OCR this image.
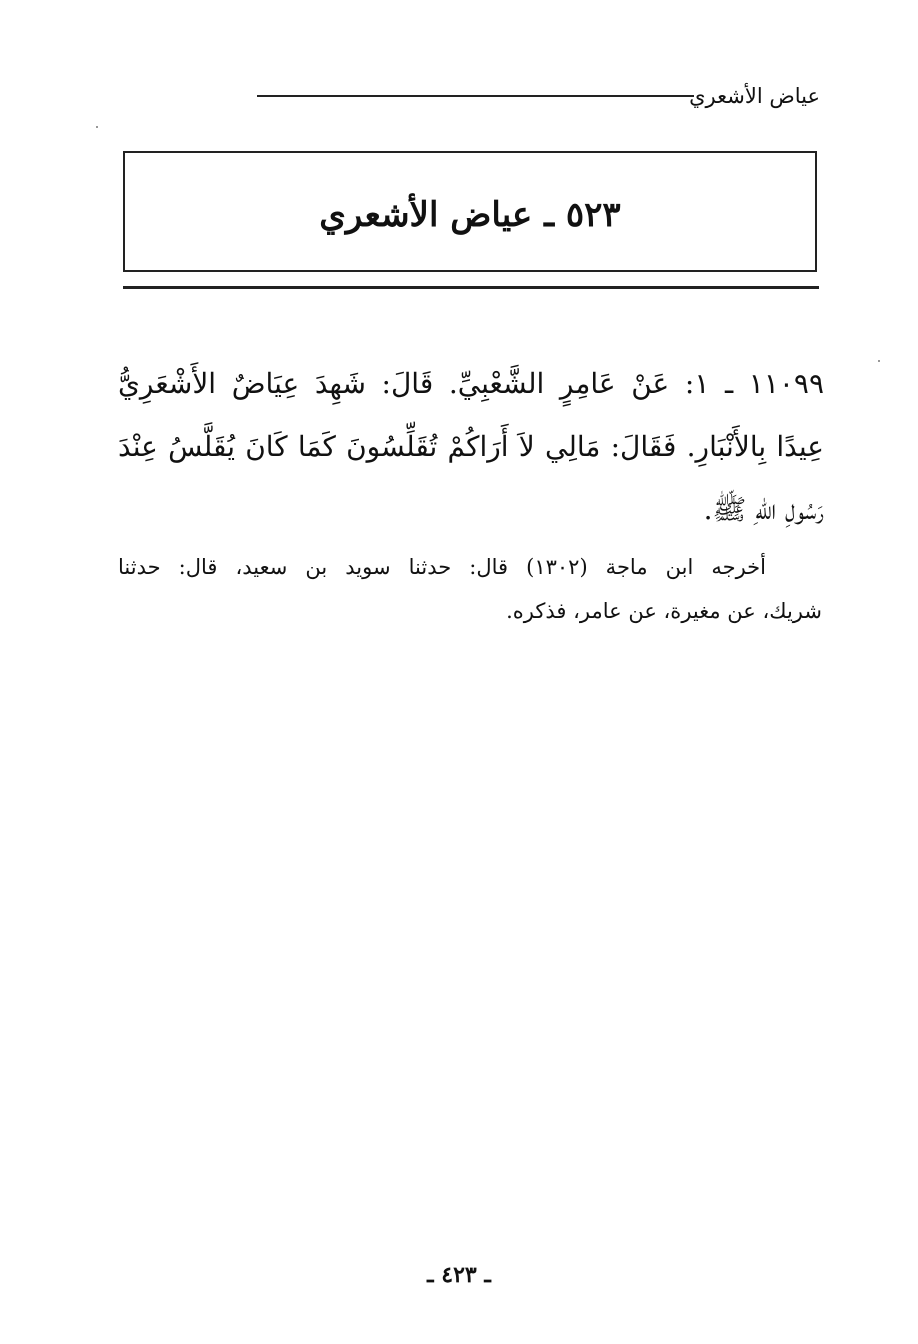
عياض الأشعري
٥٢٣ ـ عياض الأشعري
١١٠٩٩ ـ ١: عَنْ عَامِرٍ الشَّعْبِيِّ. قَالَ: شَهِدَ عِيَاضٌ الأَشْعَرِيُّ
عِيدًا بِالأَنْبَارِ. فَقَالَ: مَالِي لاَ أَرَاكُمْ تُقَلِّسُونَ كَمَا كَانَ يُقَلَّسُ عِنْدَ
رَسُولِ اللهِ ﷺ.
أخرجه ابن ماجة (١٣٠٢) قال: حدثنا سويد بن سعيد، قال: حدثنا
شريك، عن مغيرة، عن عامر، فذكره.
ـ ٤٢٣ ـ
